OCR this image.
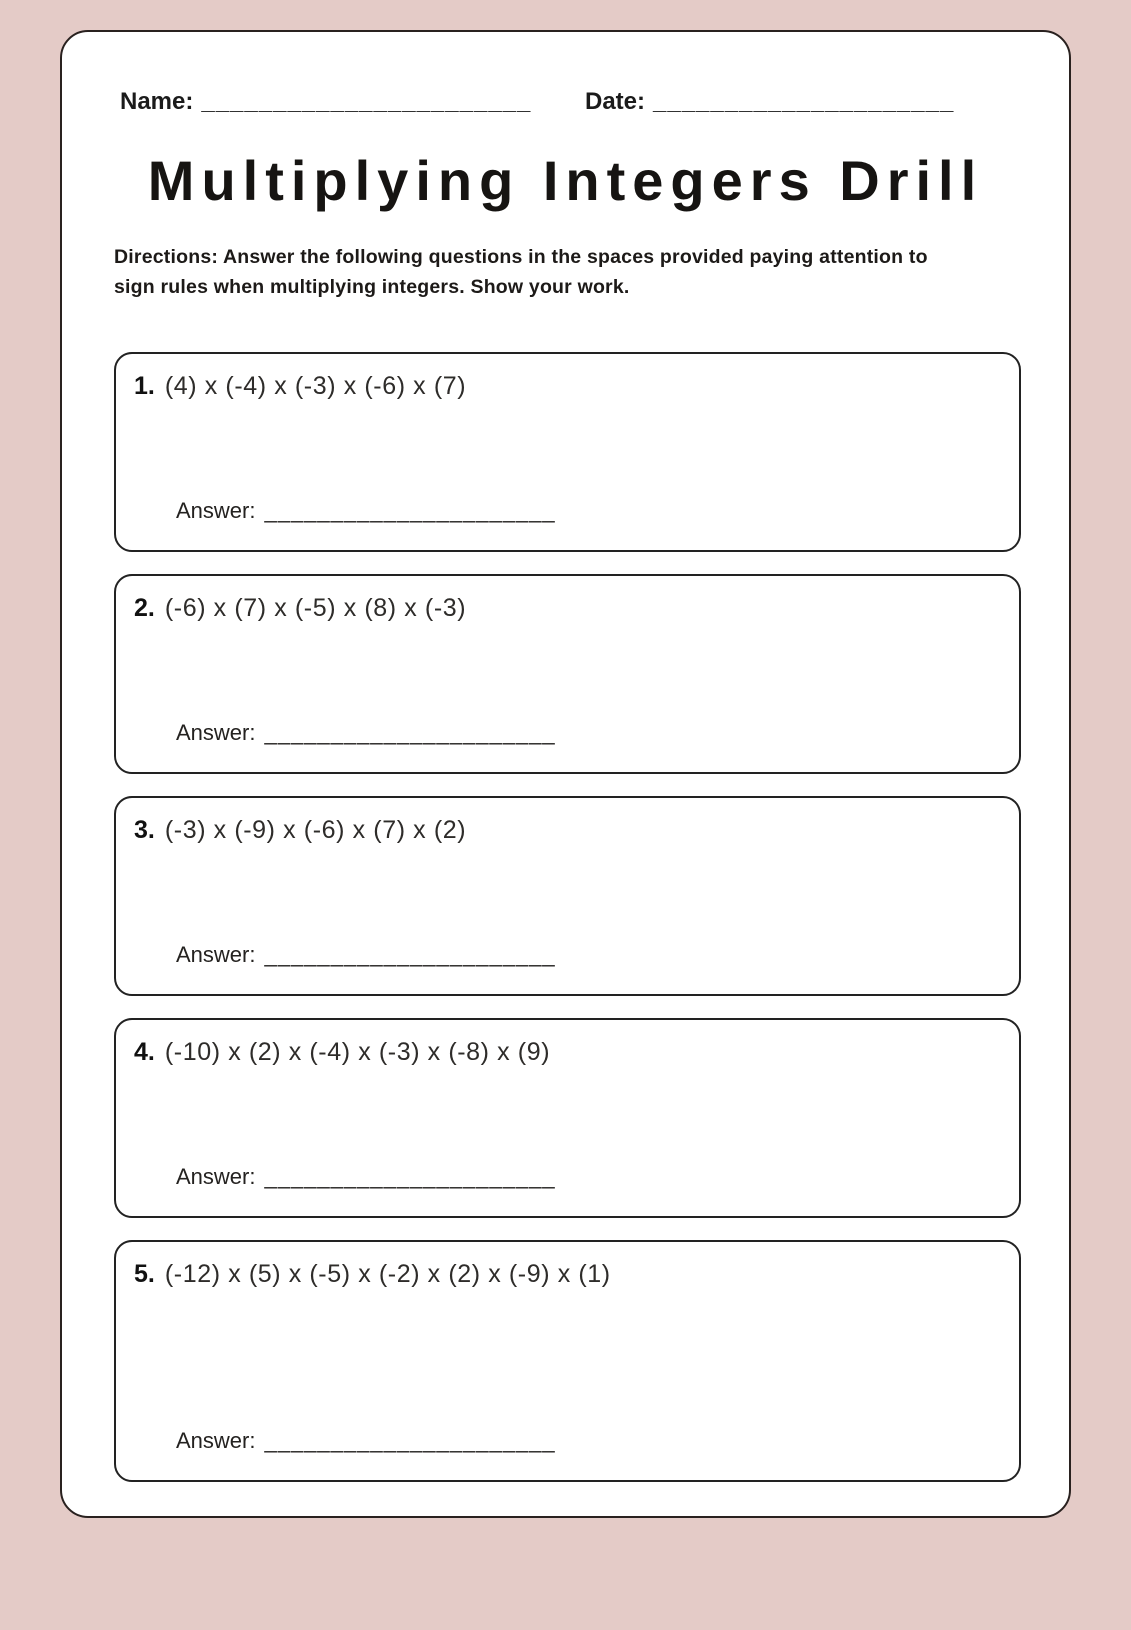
Name: _______________________	Date: _____________________
Multiplying Integers Drill

Directions: Answer the following questions in the spaces provided paying attention to sign rules when multiplying integers. Show your work.

1. (4) x (-4) x (-3) x (-6) x (7)
Answer: ______________________
2. (-6) x (7) x (-5) x (8) x (-3)
Answer: ______________________
3. (-3) x (-9) x (-6) x (7) x (2)
Answer: ______________________
4. (-10) x (2) x (-4) x (-3) x (-8) x (9)
Answer: ______________________
5. (-12) x (5) x (-5) x (-2) x (2) x (-9) x (1)
Answer: ______________________
